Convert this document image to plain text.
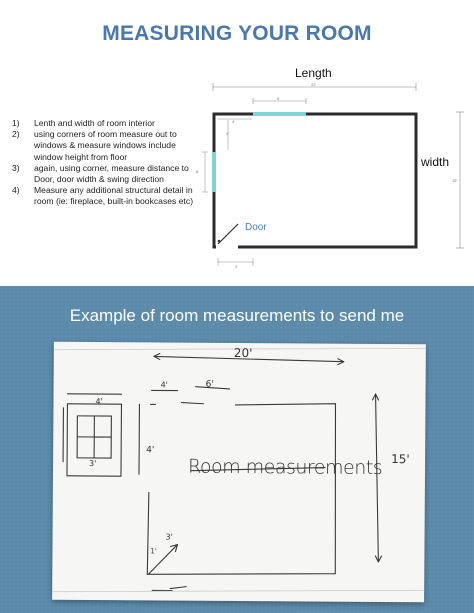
MEASURING YOUR ROOM
1) Lenth and width of room interior
2) using corners of room measure out to windows & measure windows include window height from floor
3) again, using corner, measure distance to Door, door width & swing direction
4) Measure any additional structural detail in room (ie: fireplace, built-in bookcases etc)
Length
width
Door
22'
6'
4'
4'
6'
15'
3'
Example of room measurements to send me
Room measurements
20'
15'
6'
4'
4'
4'
3'
3'
1'
